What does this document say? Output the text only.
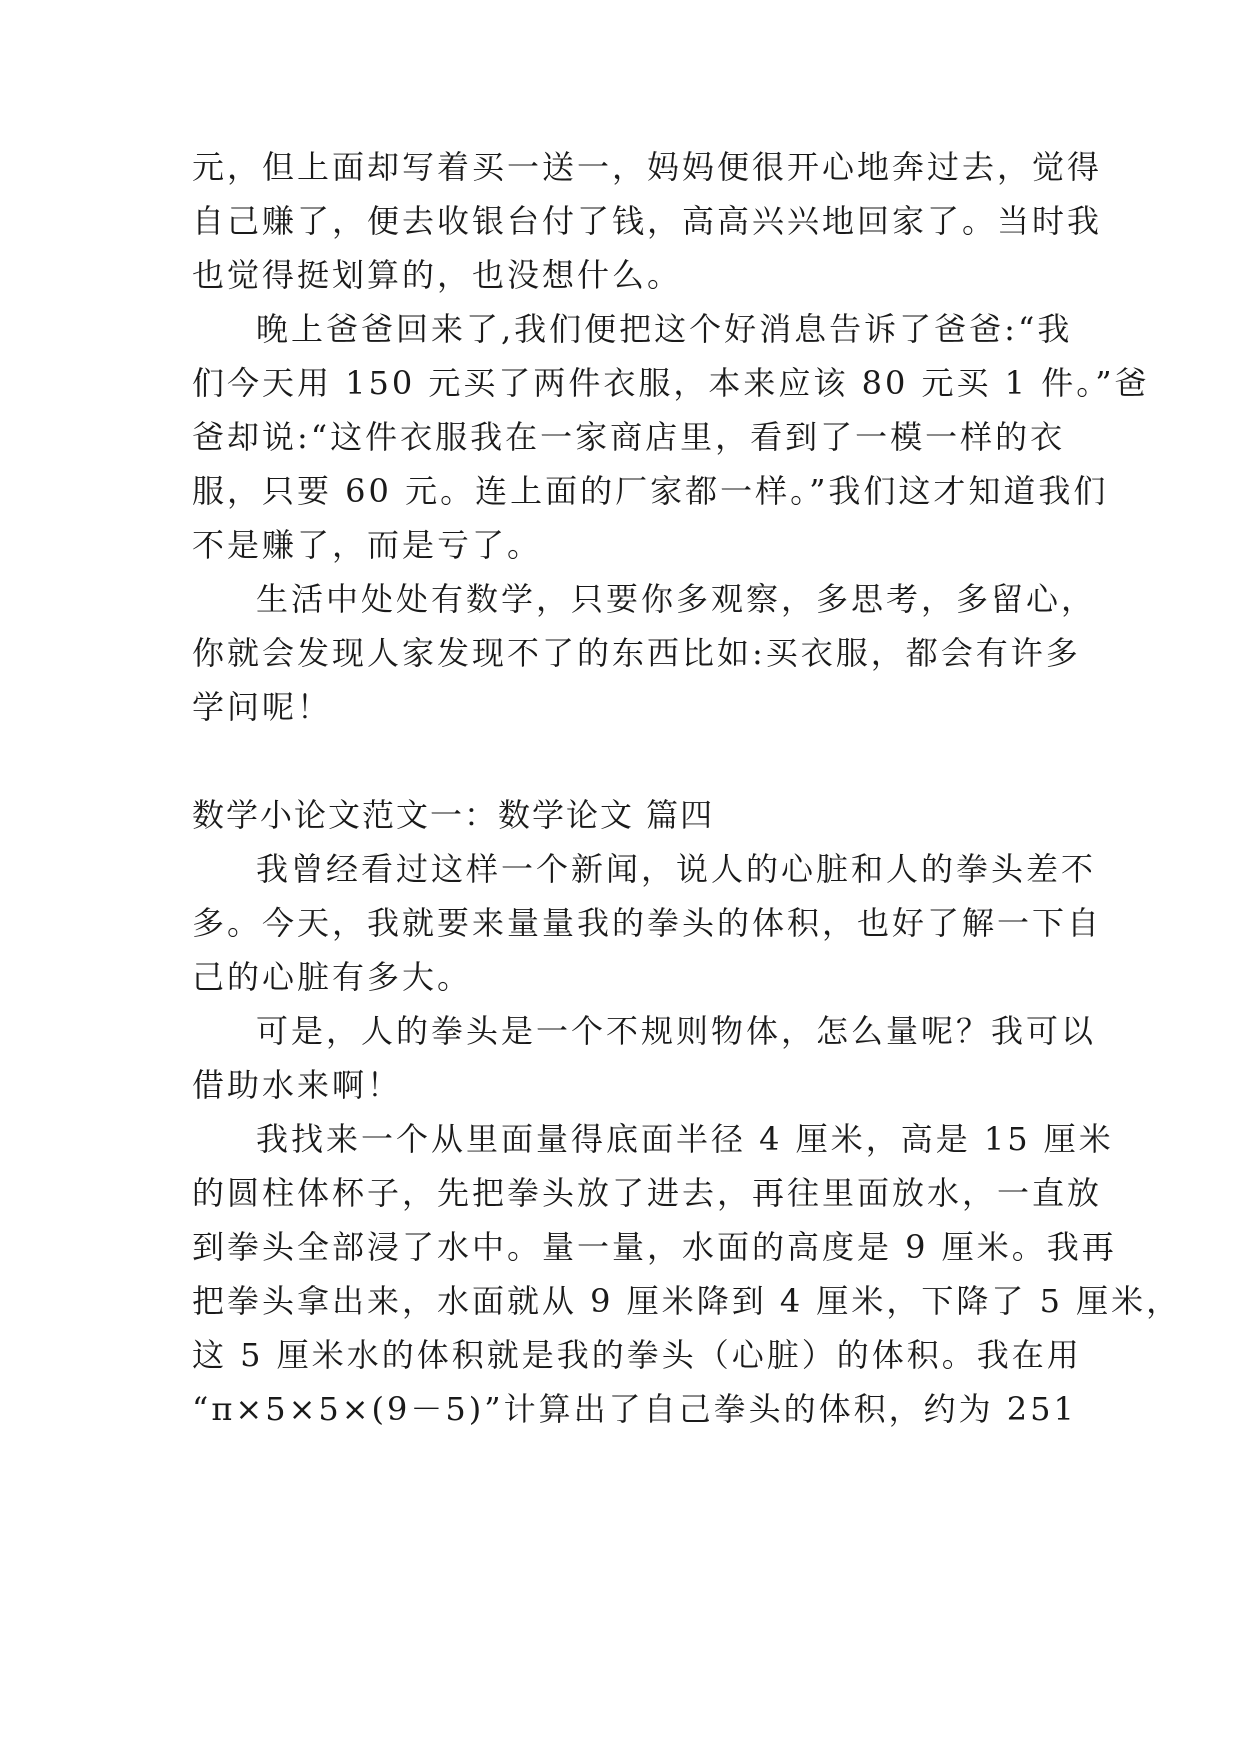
元，但上面却写着买一送一，妈妈便很开心地奔过去，觉得
自己赚了，便去收银台付了钱，高高兴兴地回家了。当时我
也觉得挺划算的，也没想什么。
晚上爸爸回来了,我们便把这个好消息告诉了爸爸:“我
们今天用 150 元买了两件衣服，本来应该 80 元买 1 件。”爸
爸却说:“这件衣服我在一家商店里，看到了一模一样的衣
服，只要 60 元。连上面的厂家都一样。”我们这才知道我们
不是赚了，而是亏了。
生活中处处有数学，只要你多观察，多思考，多留心，
你就会发现人家发现不了的东西比如:买衣服，都会有许多
学问呢！
数学小论文范文一：数学论文 篇四
我曾经看过这样一个新闻，说人的心脏和人的拳头差不
多。今天，我就要来量量我的拳头的体积，也好了解一下自
己的心脏有多大。
可是，人的拳头是一个不规则物体，怎么量呢？我可以
借助水来啊！
我找来一个从里面量得底面半径 4 厘米，高是 15 厘米
的圆柱体杯子，先把拳头放了进去，再往里面放水，一直放
到拳头全部浸了水中。量一量，水面的高度是 9 厘米。我再
把拳头拿出来，水面就从 9 厘米降到 4 厘米，下降了 5 厘米，
这 5 厘米水的体积就是我的拳头（心脏）的体积。我在用
“π×5×5×(9－5)”计算出了自己拳头的体积，约为 251
